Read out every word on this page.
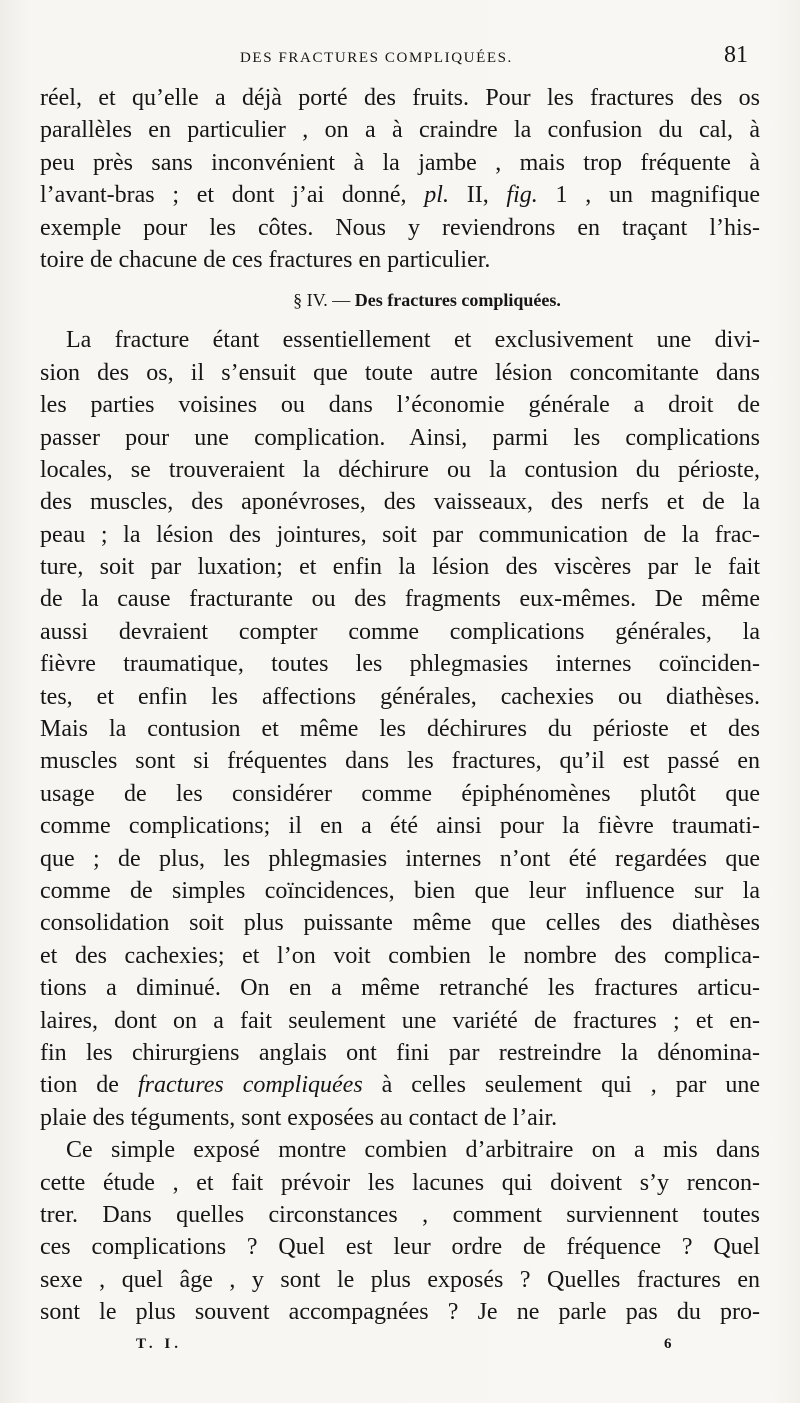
DES FRACTURES COMPLIQUÉES.	81
réel, et qu’elle a déjà porté des fruits. Pour les fractures des os
parallèles en particulier , on a à craindre la confusion du cal, à
peu près sans inconvénient à la jambe , mais trop fréquente à
l’avant-bras ; et dont j’ai donné, pl. II, fig. 1 , un magnifique
exemple pour les côtes. Nous y reviendrons en traçant l’his-
toire de chacune de ces fractures en particulier.
§ IV. — Des fractures compliquées.
La fracture étant essentiellement et exclusivement une divi-
sion des os, il s’ensuit que toute autre lésion concomitante dans
les parties voisines ou dans l’économie générale a droit de
passer pour une complication. Ainsi, parmi les complications
locales, se trouveraient la déchirure ou la contusion du périoste,
des muscles, des aponévroses, des vaisseaux, des nerfs et de la
peau ; la lésion des jointures, soit par communication de la frac-
ture, soit par luxation; et enfin la lésion des viscères par le fait
de la cause fracturante ou des fragments eux-mêmes. De même
aussi devraient compter comme complications générales, la
fièvre traumatique, toutes les phlegmasies internes coïnciden-
tes, et enfin les affections générales, cachexies ou diathèses.
Mais la contusion et même les déchirures du périoste et des
muscles sont si fréquentes dans les fractures, qu’il est passé en
usage de les considérer comme épiphénomènes plutôt que
comme complications; il en a été ainsi pour la fièvre traumati-
que ; de plus, les phlegmasies internes n’ont été regardées que
comme de simples coïncidences, bien que leur influence sur la
consolidation soit plus puissante même que celles des diathèses
et des cachexies; et l’on voit combien le nombre des complica-
tions a diminué. On en a même retranché les fractures articu-
laires, dont on a fait seulement une variété de fractures ; et en-
fin les chirurgiens anglais ont fini par restreindre la dénomina-
tion de fractures compliquées à celles seulement qui , par une
plaie des téguments, sont exposées au contact de l’air.
Ce simple exposé montre combien d’arbitraire on a mis dans
cette étude , et fait prévoir les lacunes qui doivent s’y rencon-
trer. Dans quelles circonstances , comment surviennent toutes
ces complications ? Quel est leur ordre de fréquence ? Quel
sexe , quel âge , y sont le plus exposés ? Quelles fractures en
sont le plus souvent accompagnées ? Je ne parle pas du pro-
T. I.	6
